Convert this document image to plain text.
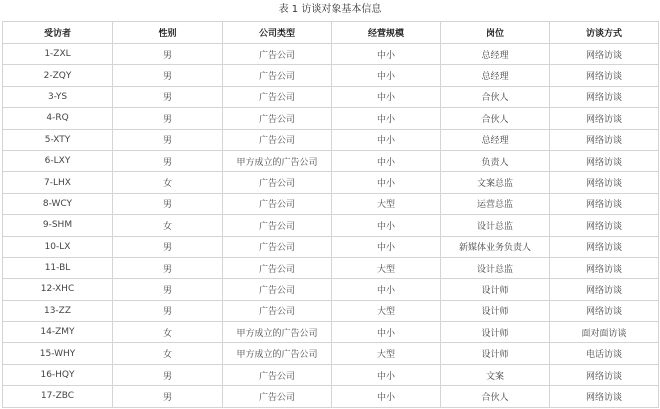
表 1 访谈对象基本信息
受访者	性别	公司类型	经营规模	岗位	访谈方式
1-ZXL	男	广告公司	中小	总经理	网络访谈
2-ZQY	男	广告公司	中小	总经理	网络访谈
3-YS	男	广告公司	中小	合伙人	网络访谈
4-RQ	男	广告公司	中小	合伙人	网络访谈
5-XTY	男	广告公司	中小	总经理	网络访谈
6-LXY	男	甲方成立的广告公司	中小	负责人	网络访谈
7-LHX	女	广告公司	中小	文案总监	网络访谈
8-WCY	男	广告公司	大型	运营总监	网络访谈
9-SHM	女	广告公司	中小	设计总监	网络访谈
10-LX	男	广告公司	中小	新媒体业务负责人	网络访谈
11-BL	男	广告公司	大型	设计总监	网络访谈
12-XHC	男	广告公司	中小	设计师	网络访谈
13-ZZ	男	广告公司	大型	设计师	网络访谈
14-ZMY	女	甲方成立的广告公司	中小	设计师	面对面访谈
15-WHY	女	甲方成立的广告公司	大型	设计师	电话访谈
16-HQY	男	广告公司	中小	文案	网络访谈
17-ZBC	男	广告公司	中小	合伙人	网络访谈
